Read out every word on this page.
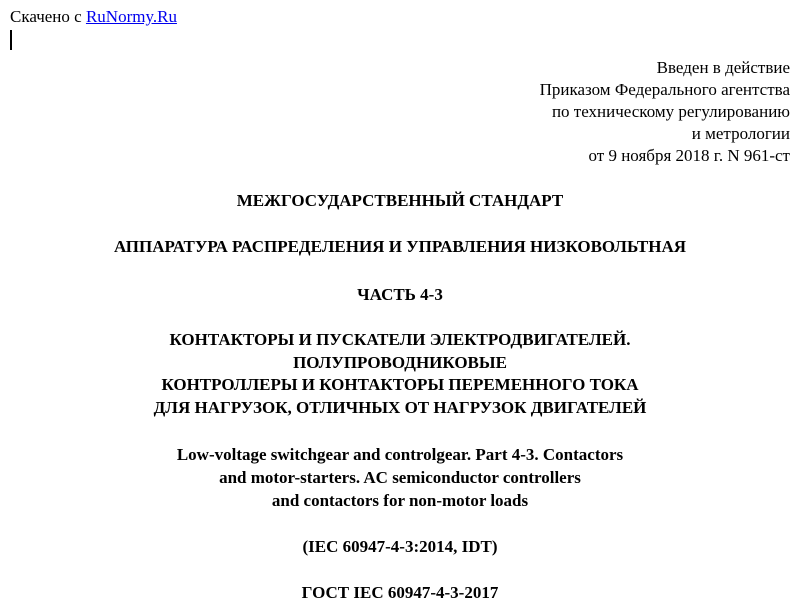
Скачено с RuNormy.Ru
Введен в действие
Приказом Федерального агентства
по техническому регулированию
и метрологии
от 9 ноября 2018 г. N 961-ст
МЕЖГОСУДАРСТВЕННЫЙ СТАНДАРТ
АППАРАТУРА РАСПРЕДЕЛЕНИЯ И УПРАВЛЕНИЯ НИЗКОВОЛЬТНАЯ
ЧАСТЬ 4-3
КОНТАКТОРЫ И ПУСКАТЕЛИ ЭЛЕКТРОДВИГАТЕЛЕЙ.
ПОЛУПРОВОДНИКОВЫЕ
КОНТРОЛЛЕРЫ И КОНТАКТОРЫ ПЕРЕМЕННОГО ТОКА
ДЛЯ НАГРУЗОК, ОТЛИЧНЫХ ОТ НАГРУЗОК ДВИГАТЕЛЕЙ
Low-voltage switchgear and controlgear. Part 4-3. Contactors
and motor-starters. AC semiconductor controllers
and contactors for non-motor loads
(IEC 60947-4-3:2014, IDT)
ГОСТ IEC 60947-4-3-2017
